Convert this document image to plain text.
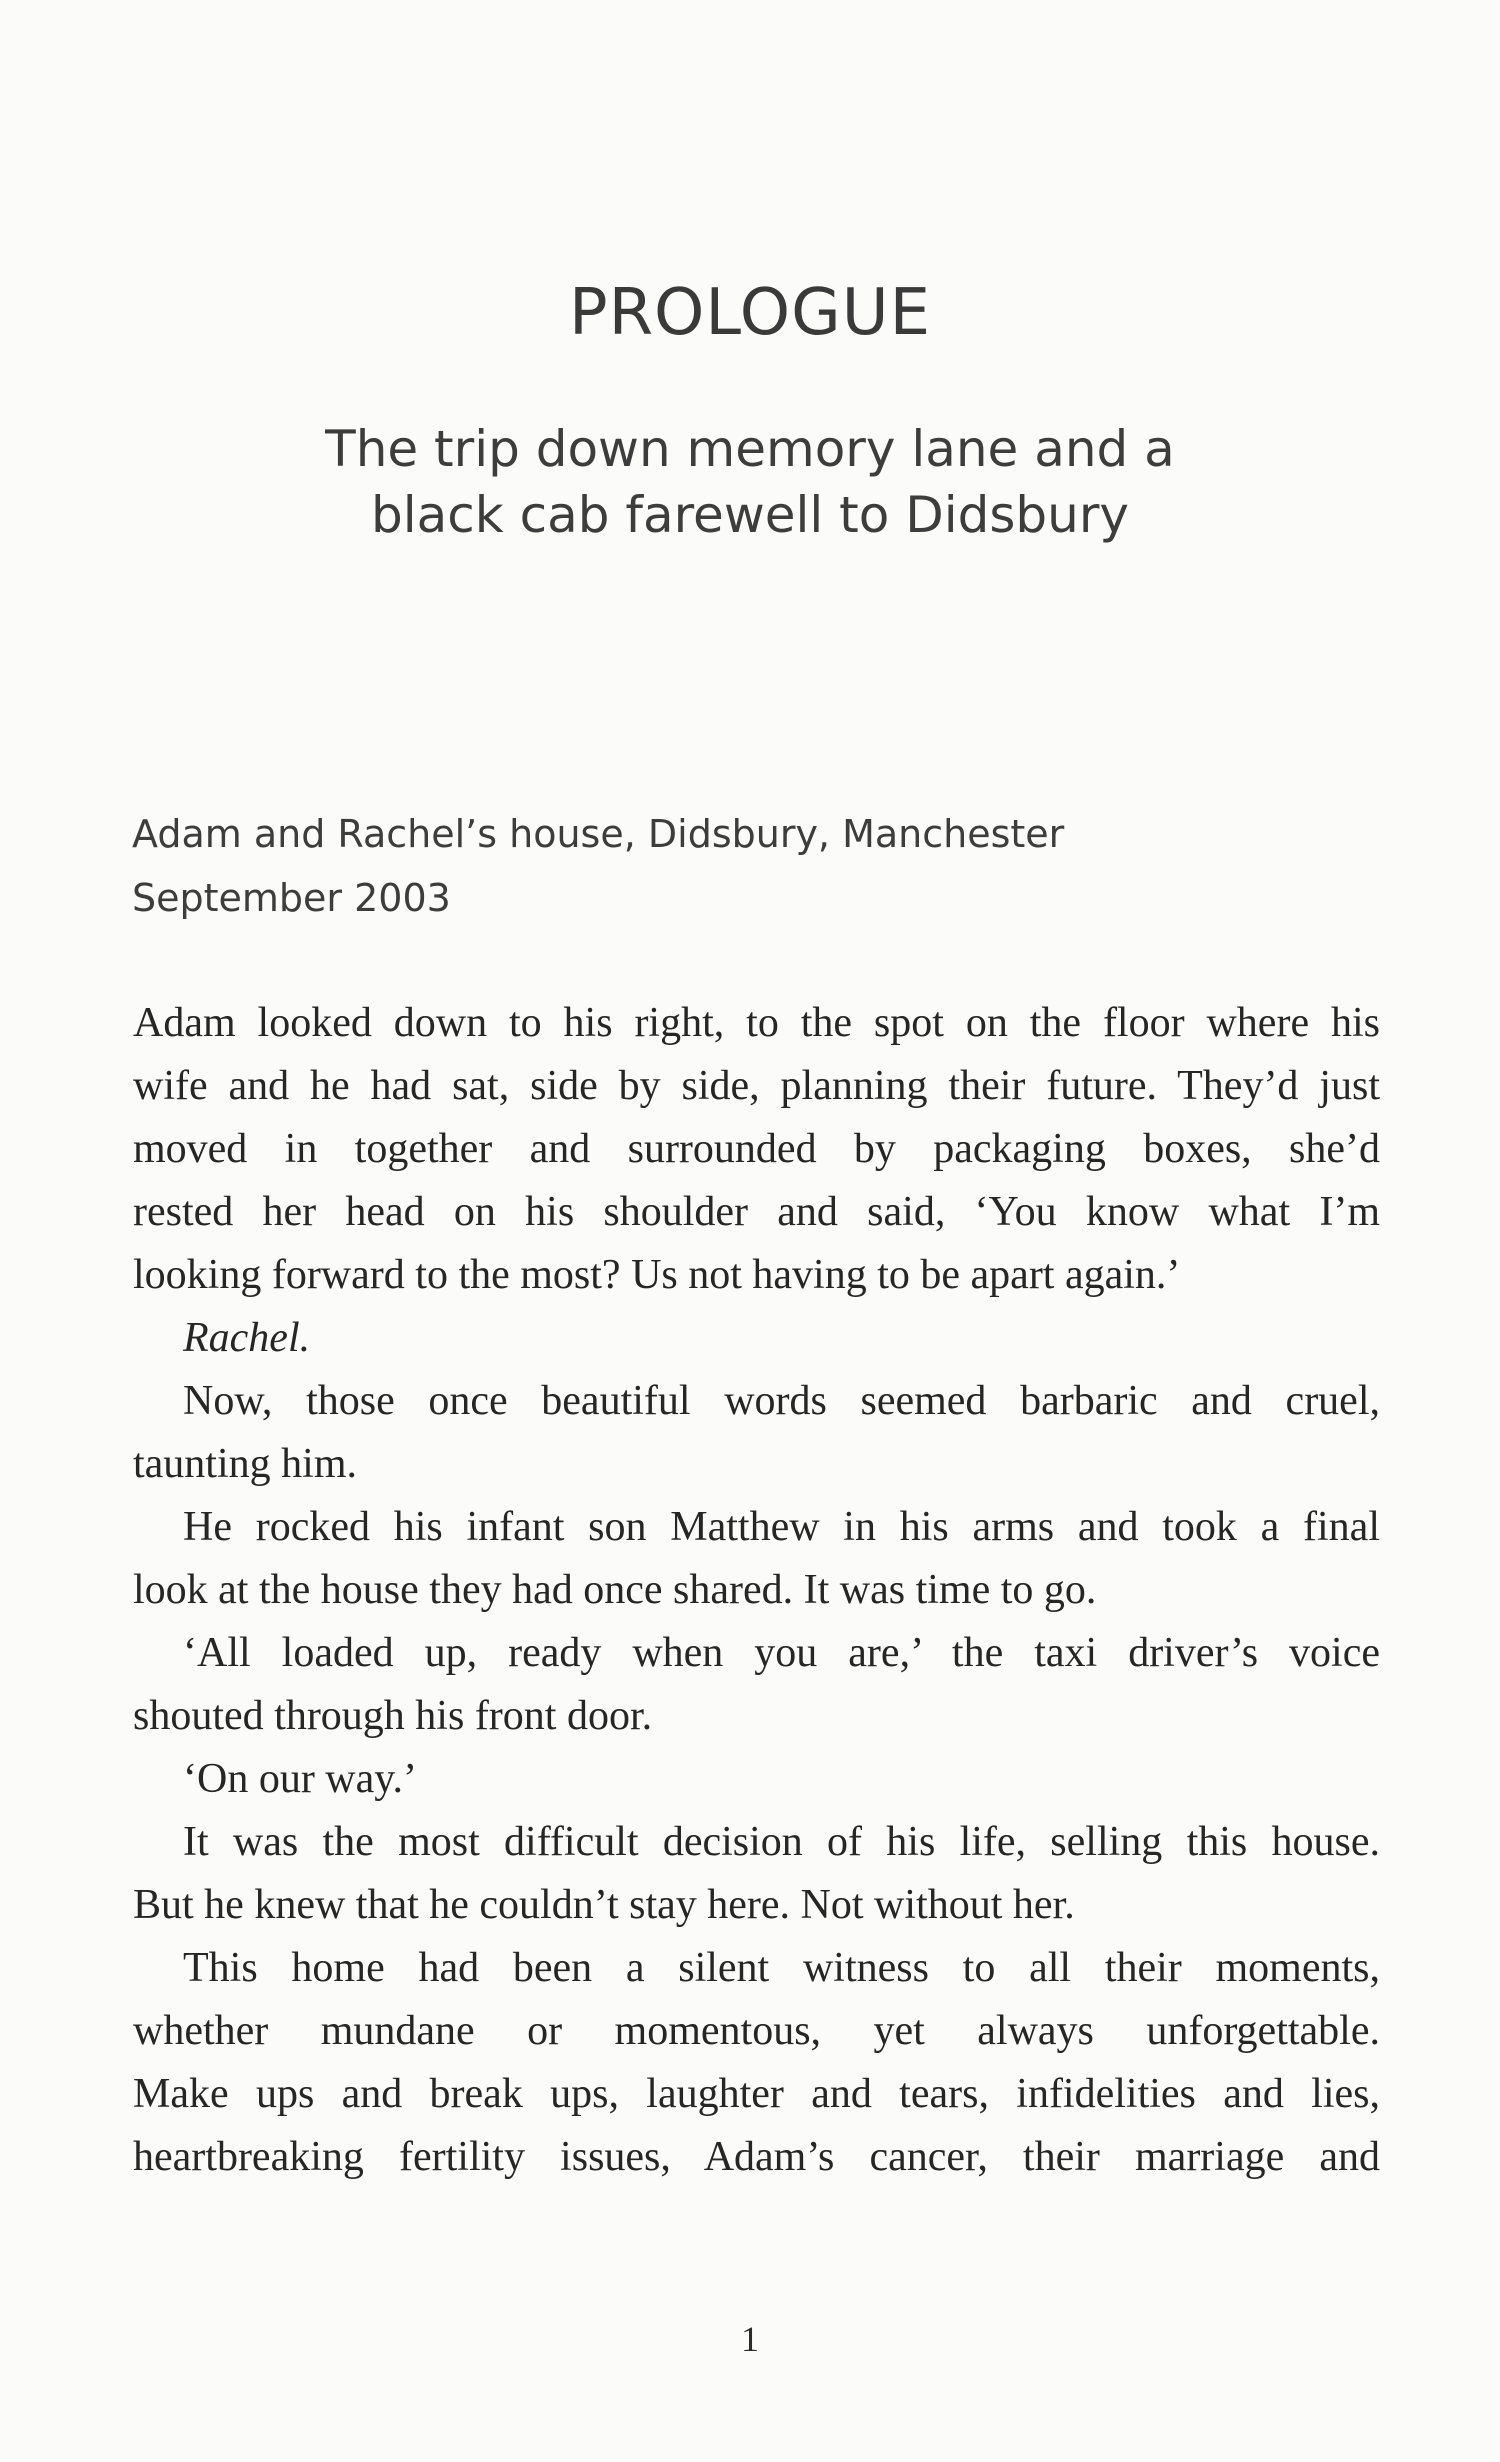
PROLOGUE
The trip down memory lane and a
black cab farewell to Didsbury
Adam and Rachel’s house, Didsbury, Manchester
September 2003
Adam looked down to his right, to the spot on the floor where his
wife and he had sat, side by side, planning their future. They’d just
moved in together and surrounded by packaging boxes, she’d
rested her head on his shoulder and said, ‘You know what I’m
looking forward to the most? Us not having to be apart again.’
Rachel.
Now, those once beautiful words seemed barbaric and cruel,
taunting him.
He rocked his infant son Matthew in his arms and took a final
look at the house they had once shared. It was time to go.
‘All loaded up, ready when you are,’ the taxi driver’s voice
shouted through his front door.
‘On our way.’
It was the most difficult decision of his life, selling this house.
But he knew that he couldn’t stay here. Not without her.
This home had been a silent witness to all their moments,
whether mundane or momentous, yet always unforgettable.
Make ups and break ups, laughter and tears, infidelities and lies,
heartbreaking fertility issues, Adam’s cancer, their marriage and
1
